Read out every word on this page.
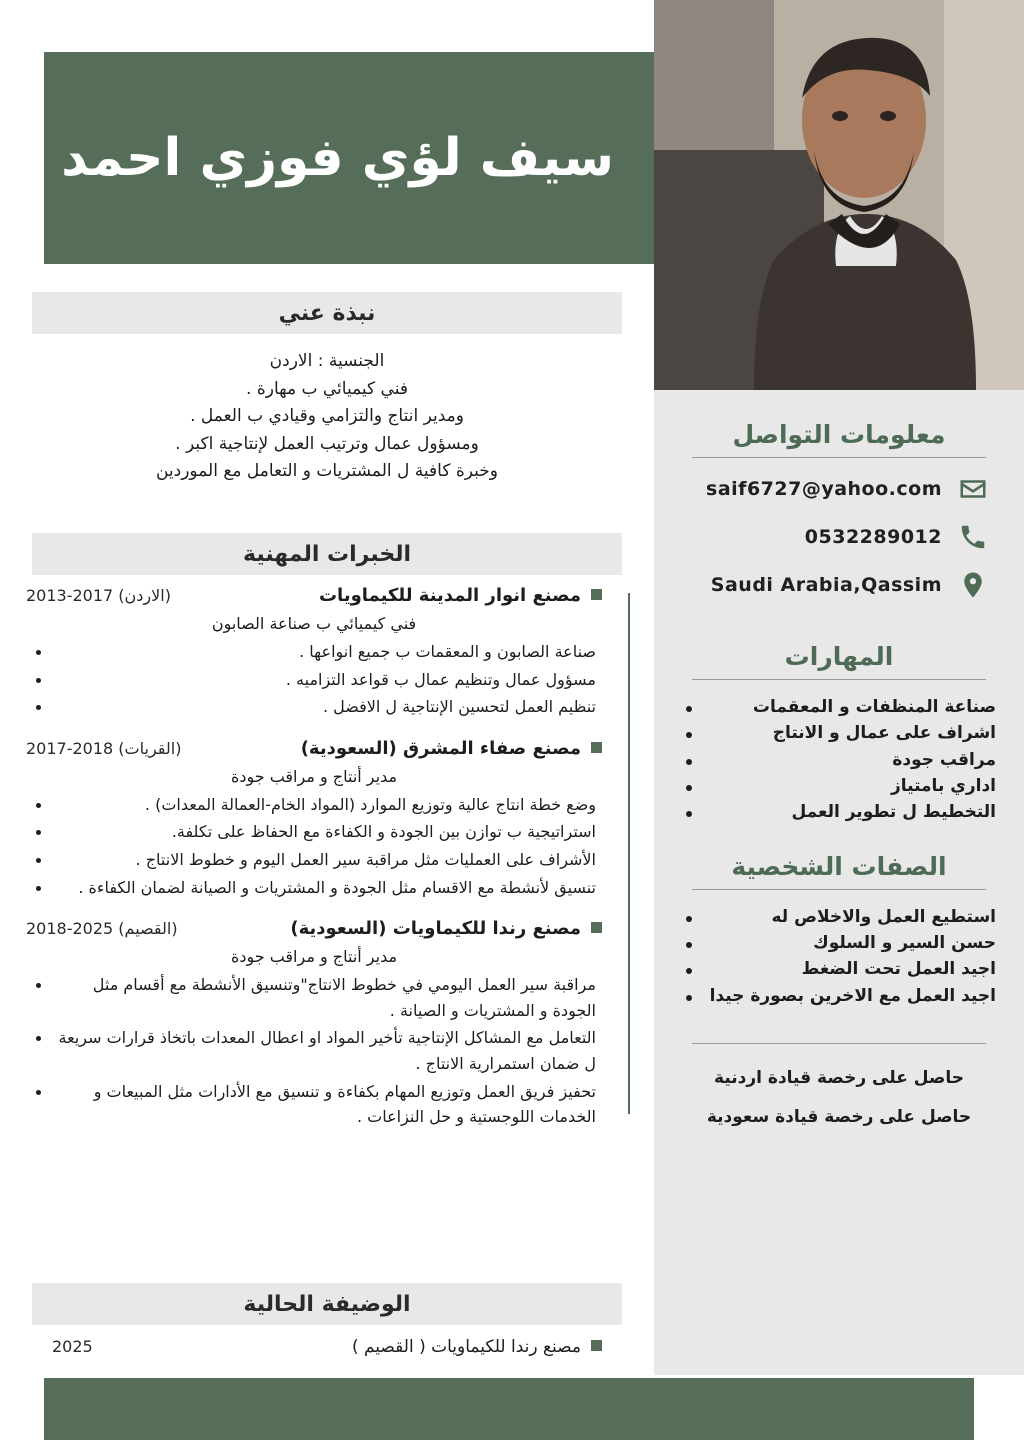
سيف لؤي فوزي احمد
نبذة عني

الجنسية : الاردن

فني كيميائي ب مهارة .

ومدير انتاج والتزامي وقيادي ب العمل .

ومسؤول عمال وترتيب العمل لإنتاجية اكبر .

وخبرة كافية ل المشتريات و التعامل مع الموردين

الخبرات المهنية
مصنع انوار المدينة للكيماويات
2013-2017 (الاردن)
فني كيميائي ب صناعة الصابون
صناعة الصابون و المعقمات ب جميع انواعها .
مسؤول عمال وتنظيم عمال ب قواعد التزاميه .
تنظيم العمل لتحسين الإنتاجية ل الافضل .
مصنع صفاء المشرق (السعودية)
2017-2018 (القريات)
مدير أنتاج و مراقب جودة
وضع خطة انتاج عالية وتوزيع الموارد (المواد الخام-العمالة المعدات) .
استراتيجية ب توازن بين الجودة و الكفاءة مع الحفاظ على تكلفة.
الأشراف على العمليات مثل مراقبة سير العمل اليوم و خطوط الانتاج .
تنسيق لأنشطة مع الاقسام مثل الجودة و المشتريات و الصيانة لضمان الكفاءة .
مصنع رندا للكيماويات (السعودية)
2018-2025 (القصيم)
مدير أنتاج و مراقب جودة
مراقبة سير العمل اليومي في خطوط الانتاج"وتنسيق الأنشطة مع أقسام مثل الجودة و المشتريات و الصيانة .
التعامل مع المشاكل الإنتاجية تأخير المواد او اعطال المعدات باتخاذ قرارات سريعة ل ضمان استمرارية الانتاج .
تحفيز فريق العمل وتوزيع المهام بكفاءة و تنسيق مع الأدارات مثل المبيعات و الخدمات اللوجستية و حل النزاعات .
الوضيفة الحالية
مصنع رندا للكيماويات ( القصيم )
2025
معلومات التواصل
saif6727@yahoo.com
0532289012
Saudi Arabia,Qassim
المهارات
صناعة المنظفات و المعقمات
اشراف على عمال و الانتاج
مراقب جودة
اداري بامتياز
التخطيط ل تطوير العمل
الصفات الشخصية
استطيع العمل والاخلاص له
حسن السير و السلوك
اجيد العمل تحت الضغط
اجيد العمل مع الاخرين بصورة جيدا

حاصل على رخصة قيادة اردنية

حاصل على رخصة قيادة سعودية
